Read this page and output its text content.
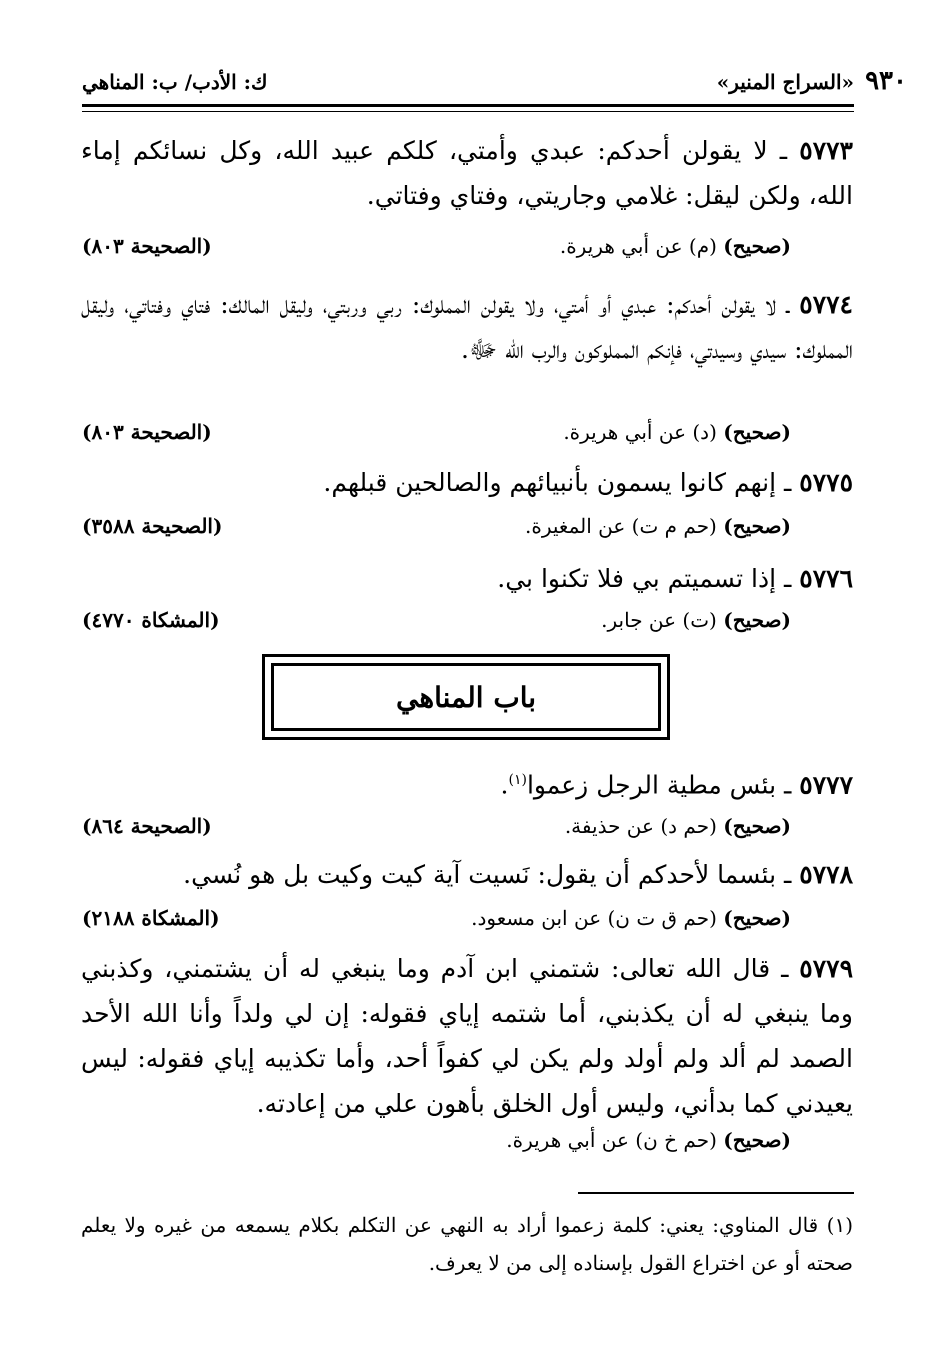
٩٣٠
«السراج المنير»
ك: الأدب/ ب: المناهي
٥٧٧٣ ـ لا يقولن أحدكم: عبدي وأمتي، كلكم عبيد الله، وكل نسائكم إماء الله، ولكن ليقل: غلامي وجاريتي، وفتاي وفتاتي.
(صحيح) (م) عن أبي هريرة.
(الصحيحة ٨٠٣)
٥٧٧٤ ـ لا يقولن أحدكم: عبدي أو أمتي، ولا يقولن المملوك: ربي وربتي، وليقل المالك: فتاي وفتاتي، وليقل المملوك: سيدي وسيدتي، فإنكم المملوكون والرب الله ﷻ.
(صحيح) (د) عن أبي هريرة.
(الصحيحة ٨٠٣)
٥٧٧٥ ـ إنهم كانوا يسمون بأنبيائهم والصالحين قبلهم.
(صحيح) (حم م ت) عن المغيرة.
(الصحيحة ٣٥٨٨)
٥٧٧٦ ـ إذا تسميتم بي فلا تكنوا بي.
(صحيح) (ت) عن جابر.
(المشكاة ٤٧٧٠)
باب المناهي
٥٧٧٧ ـ بئس مطية الرجل زعموا$^{(١)}$.
(صحيح) (حم د) عن حذيفة.
(الصحيحة ٨٦٤)
٥٧٧٨ ـ بئسما لأحدكم أن يقول: نَسيت آية كيت وكيت بل هو نُسي.
(صحيح) (حم ق ت ن) عن ابن مسعود.
(المشكاة ٢١٨٨)
٥٧٧٩ ـ قال الله تعالى: شتمني ابن آدم وما ينبغي له أن يشتمني، وكذبني وما ينبغي له أن يكذبني، أما شتمه إياي فقوله: إن لي ولداً وأنا الله الأحد الصمد لم ألد ولم أولد ولم يكن لي كفواً أحد، وأما تكذيبه إياي فقوله: ليس يعيدني كما بدأني، وليس أول الخلق بأهون علي من إعادته.
(صحيح) (حم خ ن) عن أبي هريرة.
(١) قال المناوي: يعني: كلمة زعموا أراد به النهي عن التكلم بكلام يسمعه من غيره ولا يعلم صحته أو عن اختراع القول بإسناده إلى من لا يعرف.
